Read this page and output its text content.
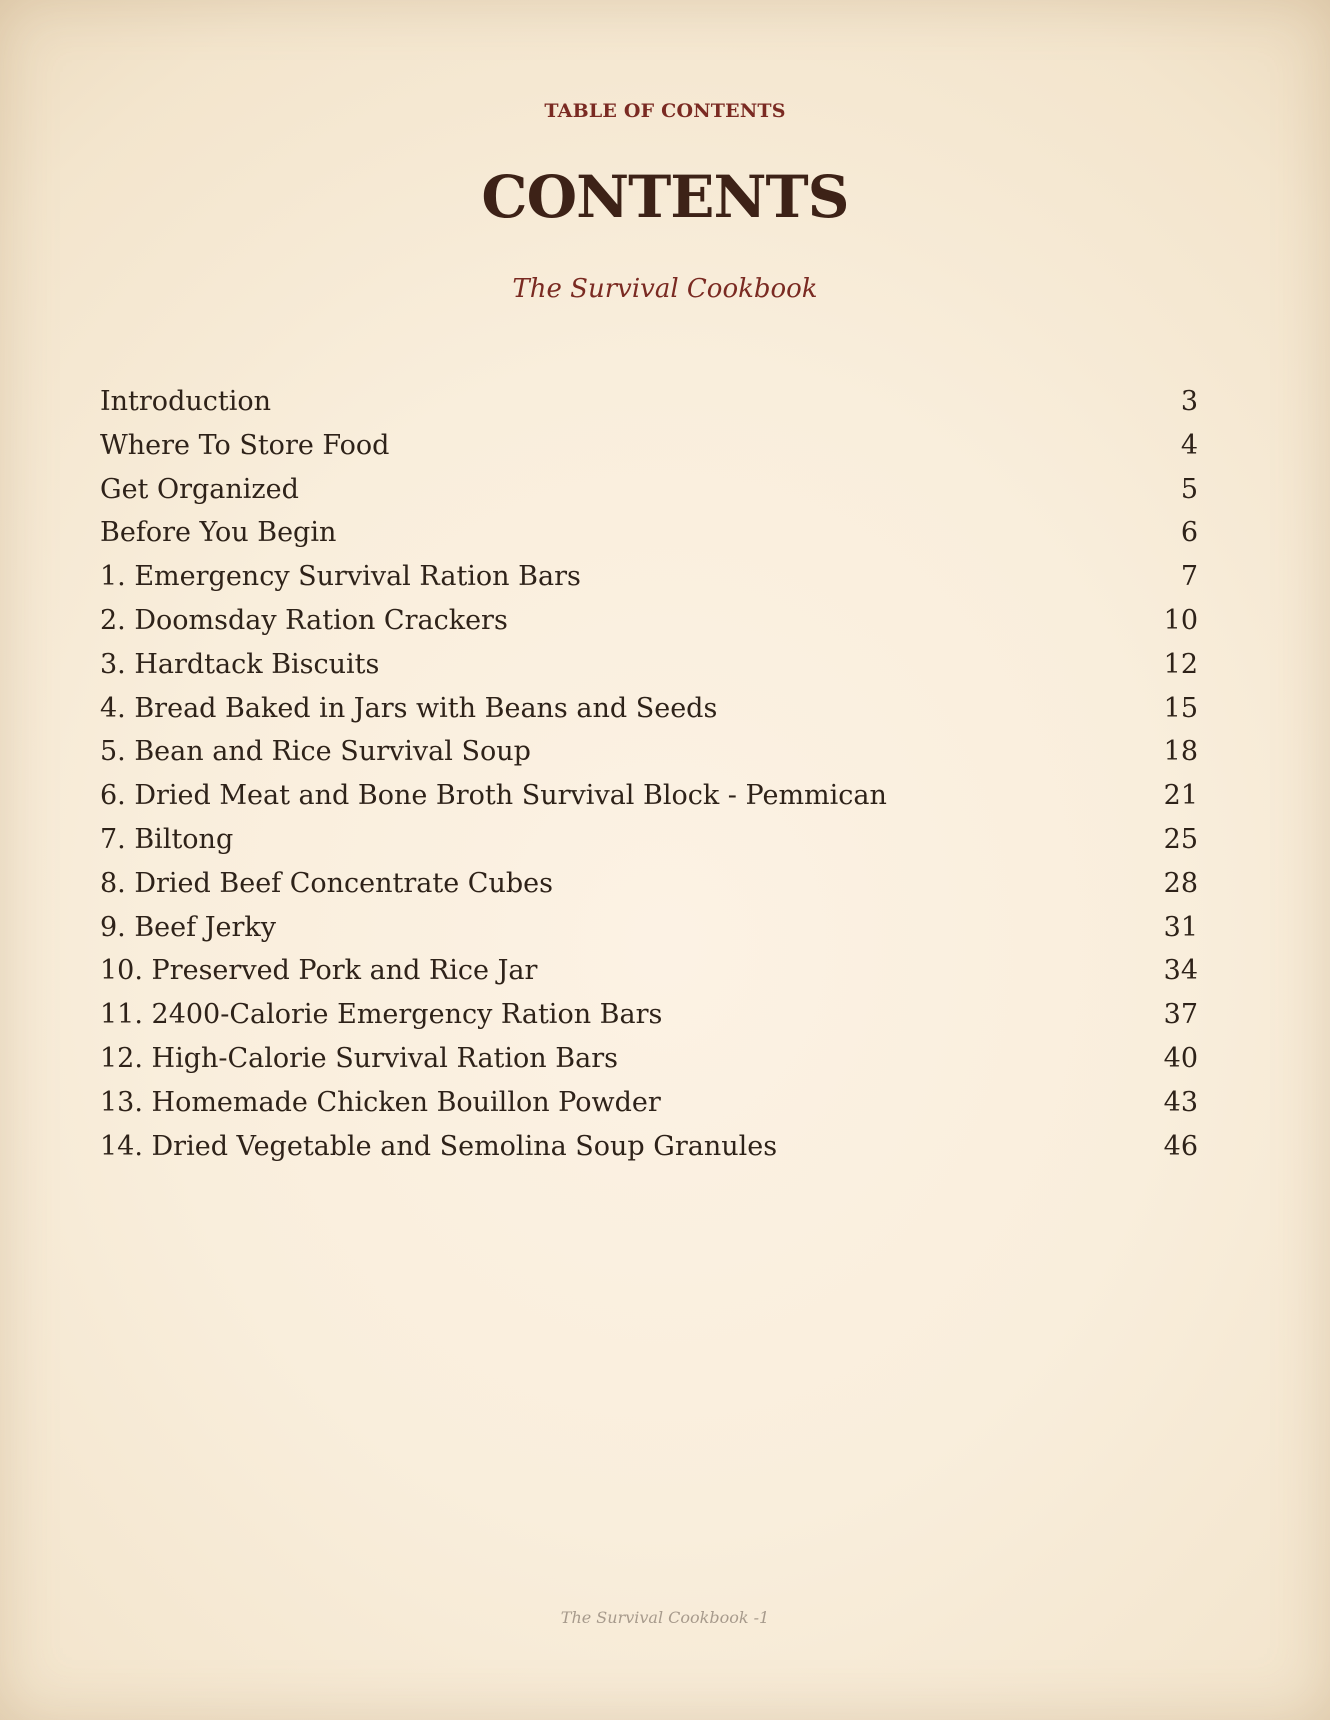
TABLE OF CONTENTS
CONTENTS
The Survival Cookbook
Introduction	3
Where To Store Food	4
Get Organized	5
Before You Begin	6
1. Emergency Survival Ration Bars	7
2. Doomsday Ration Crackers	10
3. Hardtack Biscuits	12
4. Bread Baked in Jars with Beans and Seeds	15
5. Bean and Rice Survival Soup	18
6. Dried Meat and Bone Broth Survival Block - Pemmican	21
7. Biltong	25
8. Dried Beef Concentrate Cubes	28
9. Beef Jerky	31
10. Preserved Pork and Rice Jar	34
11. 2400-Calorie Emergency Ration Bars	37
12. High-Calorie Survival Ration Bars	40
13. Homemade Chicken Bouillon Powder	43
14. Dried Vegetable and Semolina Soup Granules	46
The Survival Cookbook -1
